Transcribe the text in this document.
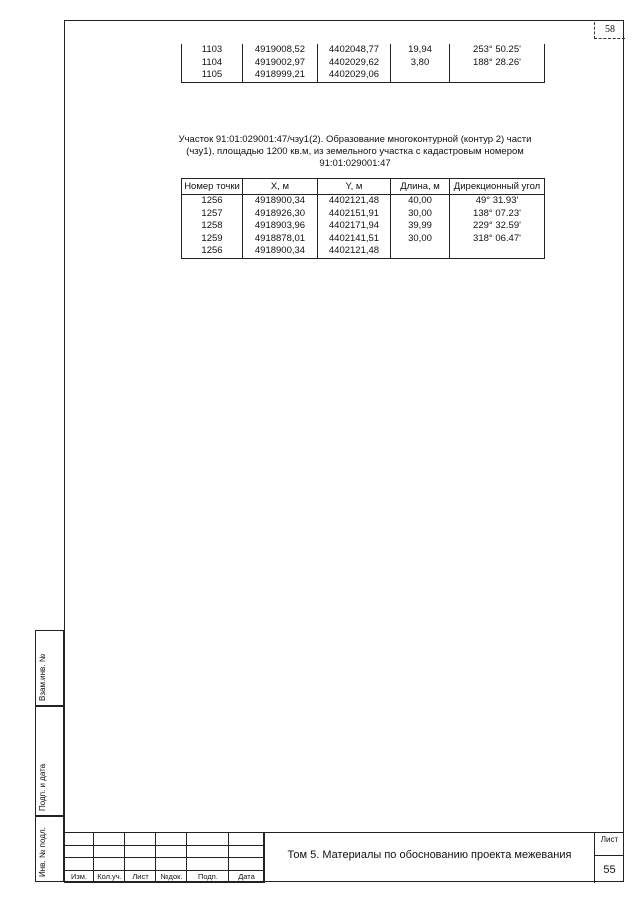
58
1103	4919008,52	4402048,77	19,94	253° 50.25'
1104	4919002,97	4402029,62	3,80	188° 28.26'
1105	4918999,21	4402029,06		
Участок 91:01:029001:47/чзу1(2). Образование многоконтурной (контур 2) части (чзу1), площадью 1200 кв.м, из земельного участка с кадастровым номером 91:01:029001:47
Номер точки	X, м	Y, м	Длина, м	Дирекционный угол
1256	4918900,34	4402121,48	40,00	49° 31.93'
1257	4918926,30	4402151,91	30,00	138° 07.23'
1258	4918903,96	4402171,94	39,99	229° 32.59'
1259	4918878,01	4402141,51	30,00	318° 06.47'
1256	4918900,34	4402121,48		
Взам.инв. №
Подп. и дата
Инв. № подл.	Изм.	Кол.уч.	Лист	№док.	Подп.	Дата
Том 5. Материалы по обоснованию проекта межевания
Лист
55
